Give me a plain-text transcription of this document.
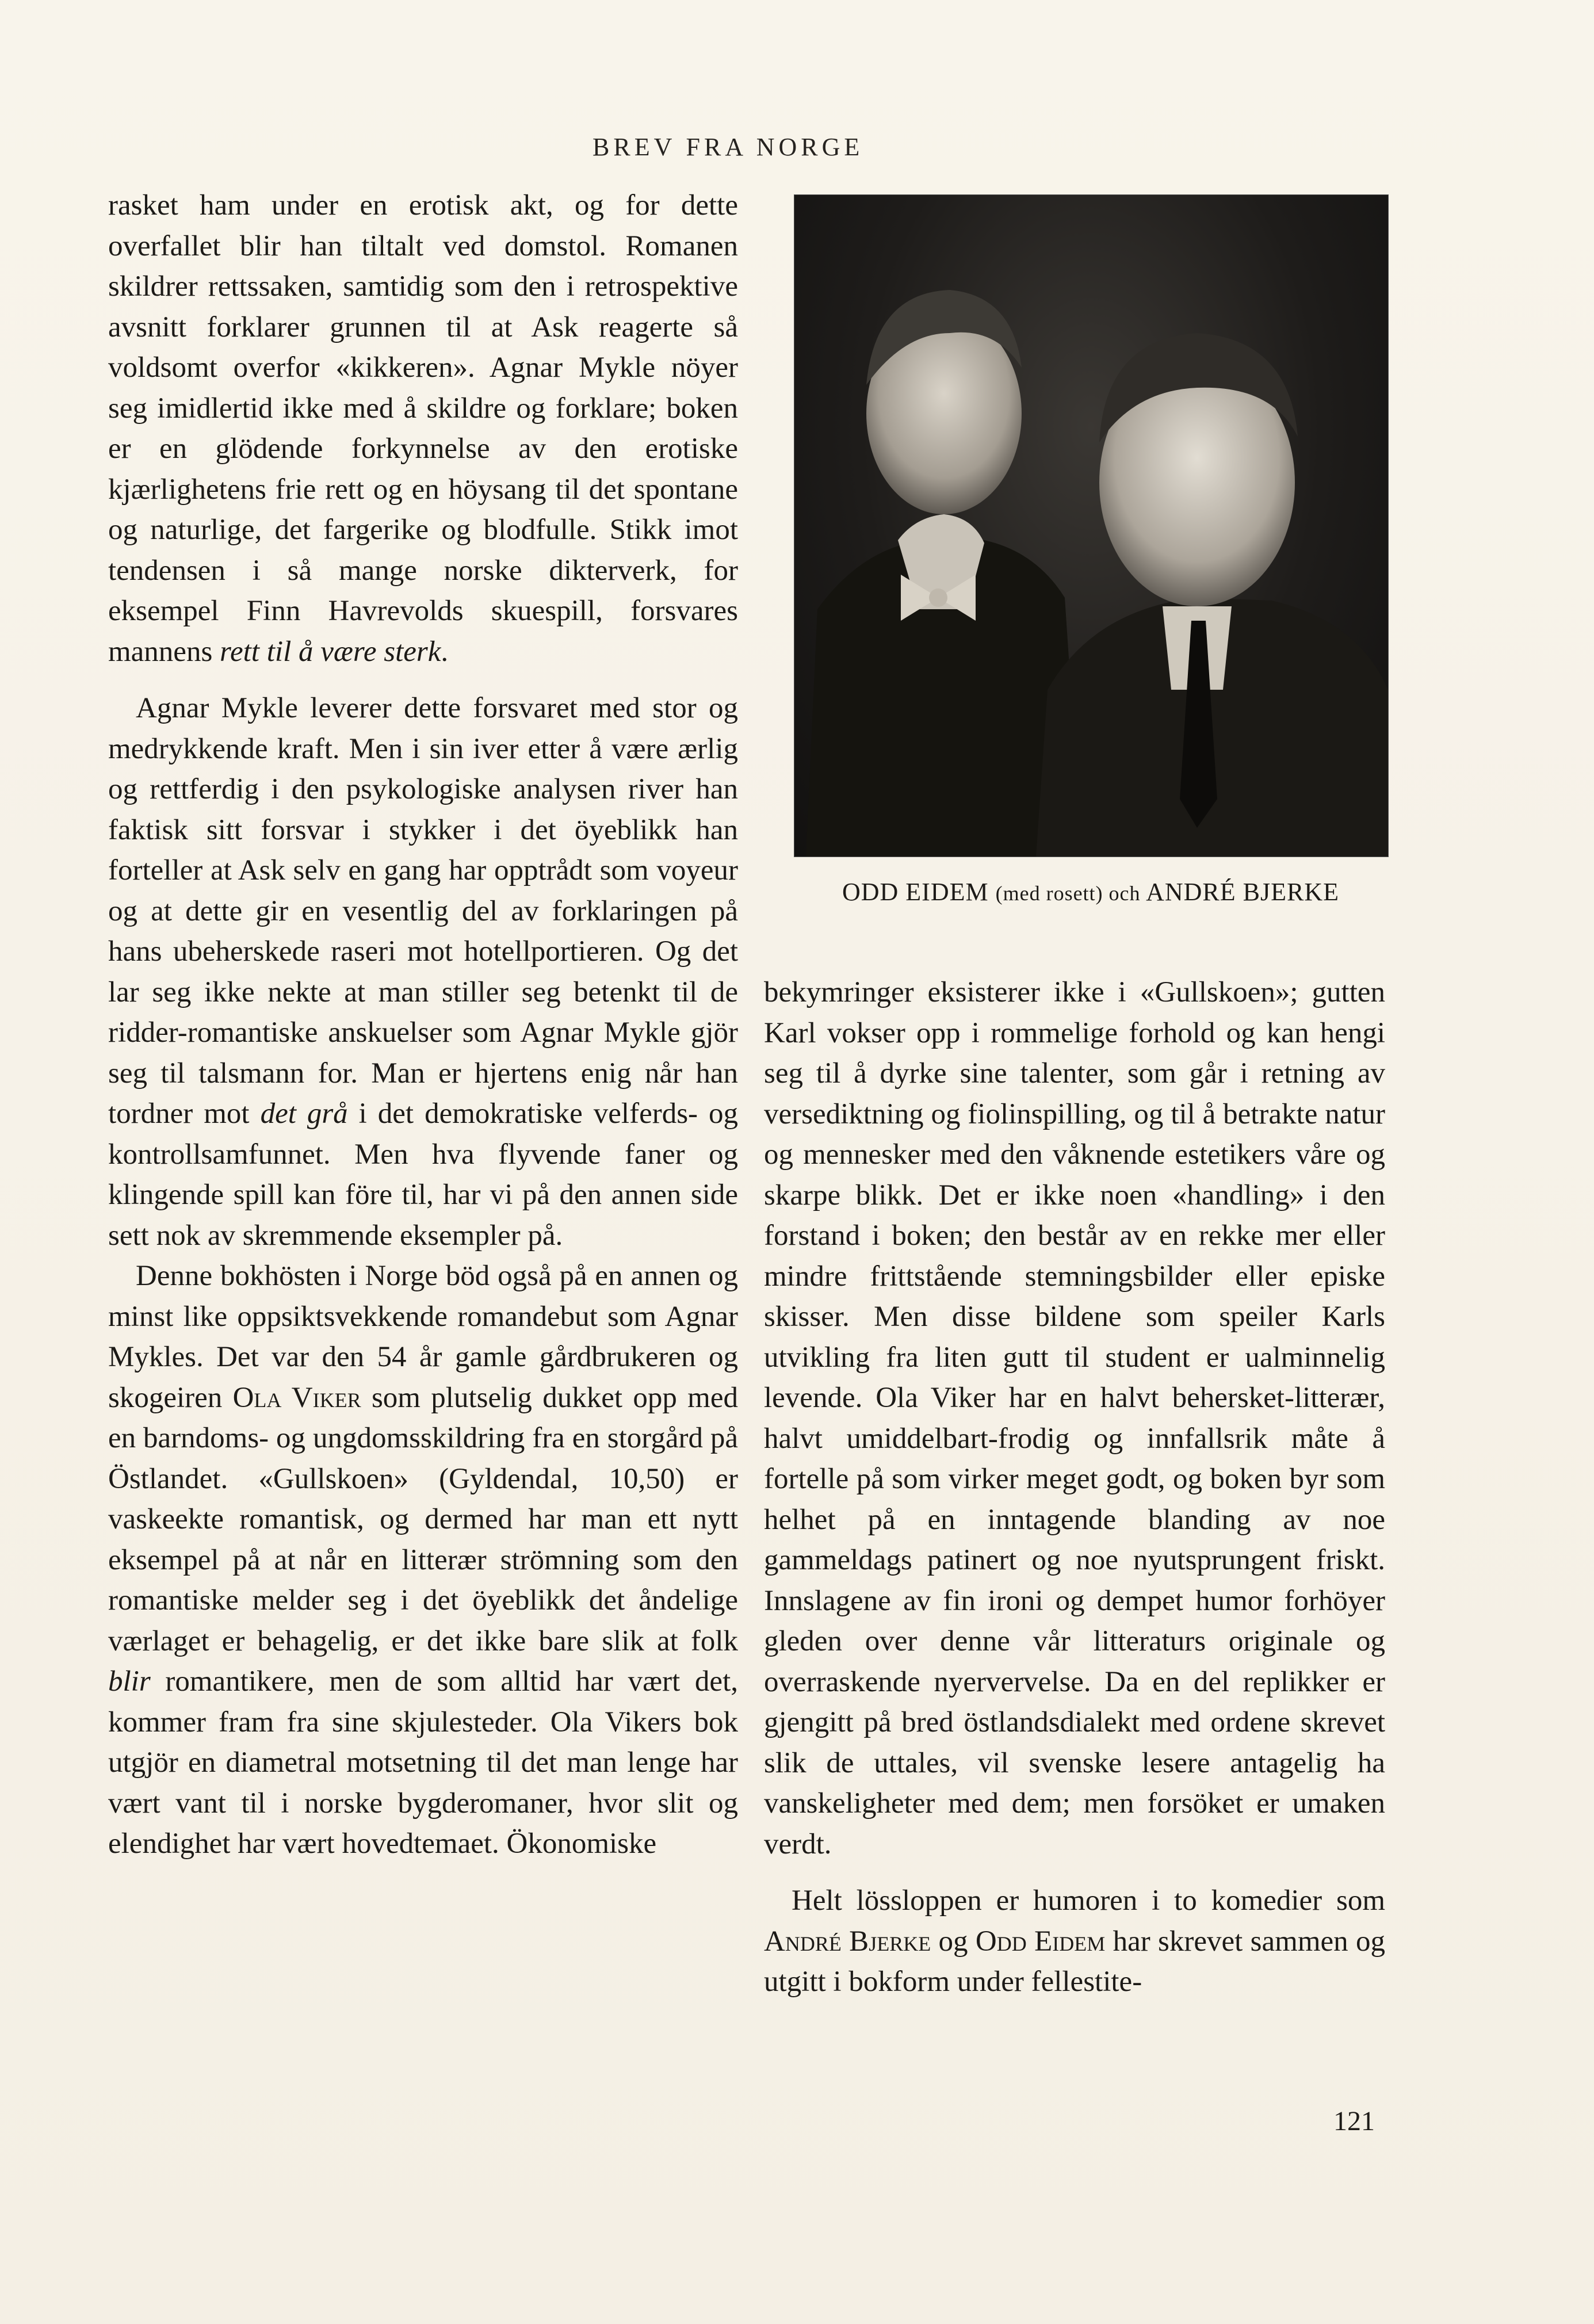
BREV FRA NORGE

rasket ham under en erotisk akt, og for dette overfallet blir han tiltalt ved domstol. Romanen skildrer rettssaken, samtidig som den i retrospektive avsnitt forklarer grunnen til at Ask reagerte så voldsomt overfor «kikkeren». Agnar Mykle nöyer seg imidlertid ikke med å skildre og forklare; boken er en glödende forkynnelse av den erotiske kjærlighetens frie rett og en höysang til det spontane og naturlige, det fargerike og blodfulle. Stikk imot tendensen i så mange norske dikterverk, for eksempel Finn Havrevolds skuespill, forsvares mannens rett til å være sterk.

Agnar Mykle leverer dette forsvaret med stor og medrykkende kraft. Men i sin iver etter å være ærlig og rettferdig i den psykologiske analysen river han faktisk sitt forsvar i stykker i det öyeblikk han forteller at Ask selv en gang har opptrådt som voyeur og at dette gir en vesentlig del av forklaringen på hans ubeherskede raseri mot hotellportieren. Og det lar seg ikke nekte at man stiller seg betenkt til de ridder-romantiske anskuelser som Agnar Mykle gjör seg til talsmann for. Man er hjertens enig når han tordner mot det grå i det demokratiske velferds- og kontrollsamfunnet. Men hva flyvende faner og klingende spill kan före til, har vi på den annen side sett nok av skremmende eksempler på.

Denne bokhösten i Norge böd også på en annen og minst like oppsiktsvekkende romandebut som Agnar Mykles. Det var den 54 år gamle gårdbrukeren og skogeiren Ola Viker som plutselig dukket opp med en barndoms- og ungdomsskildring fra en storgård på Östlandet. «Gullskoen» (Gyldendal, 10,50) er vaskeekte romantisk, og dermed har man ett nytt eksempel på at når en litterær strömning som den romantiske melder seg i det öyeblikk det åndelige værlaget er behagelig, er det ikke bare slik at folk blir romantikere, men de som alltid har vært det, kommer fram fra sine skjulesteder. Ola Vikers bok utgjör en diametral motsetning til det man lenge har vært vant til i norske bygderomaner, hvor slit og elendighet har vært hovedtemaet. Ökonomiske

ODD EIDEM (med rosett) och ANDRÉ BJERKE

bekymringer eksisterer ikke i «Gullskoen»; gutten Karl vokser opp i rommelige forhold og kan hengi seg til å dyrke sine talenter, som går i retning av versediktning og fiolinspilling, og til å betrakte natur og mennesker med den våknende estetikers våre og skarpe blikk. Det er ikke noen «handling» i den forstand i boken; den består av en rekke mer eller mindre frittstående stemningsbilder eller episke skisser. Men disse bildene som speiler Karls utvikling fra liten gutt til student er ualminnelig levende. Ola Viker har en halvt behersket-litterær, halvt umiddelbart-frodig og innfallsrik måte å fortelle på som virker meget godt, og boken byr som helhet på en inntagende blanding av noe gammeldags patinert og noe nyutsprungent friskt. Innslagene av fin ironi og dempet humor forhöyer gleden over denne vår litteraturs originale og overraskende nyervervelse. Da en del replikker er gjengitt på bred östlandsdialekt med ordene skrevet slik de uttales, vil svenske lesere antagelig ha vanskeligheter med dem; men forsöket er umaken verdt.

Helt lössloppen er humoren i to komedier som André Bjerke og Odd Eidem har skrevet sammen og utgitt i bokform under fellestite-

121
